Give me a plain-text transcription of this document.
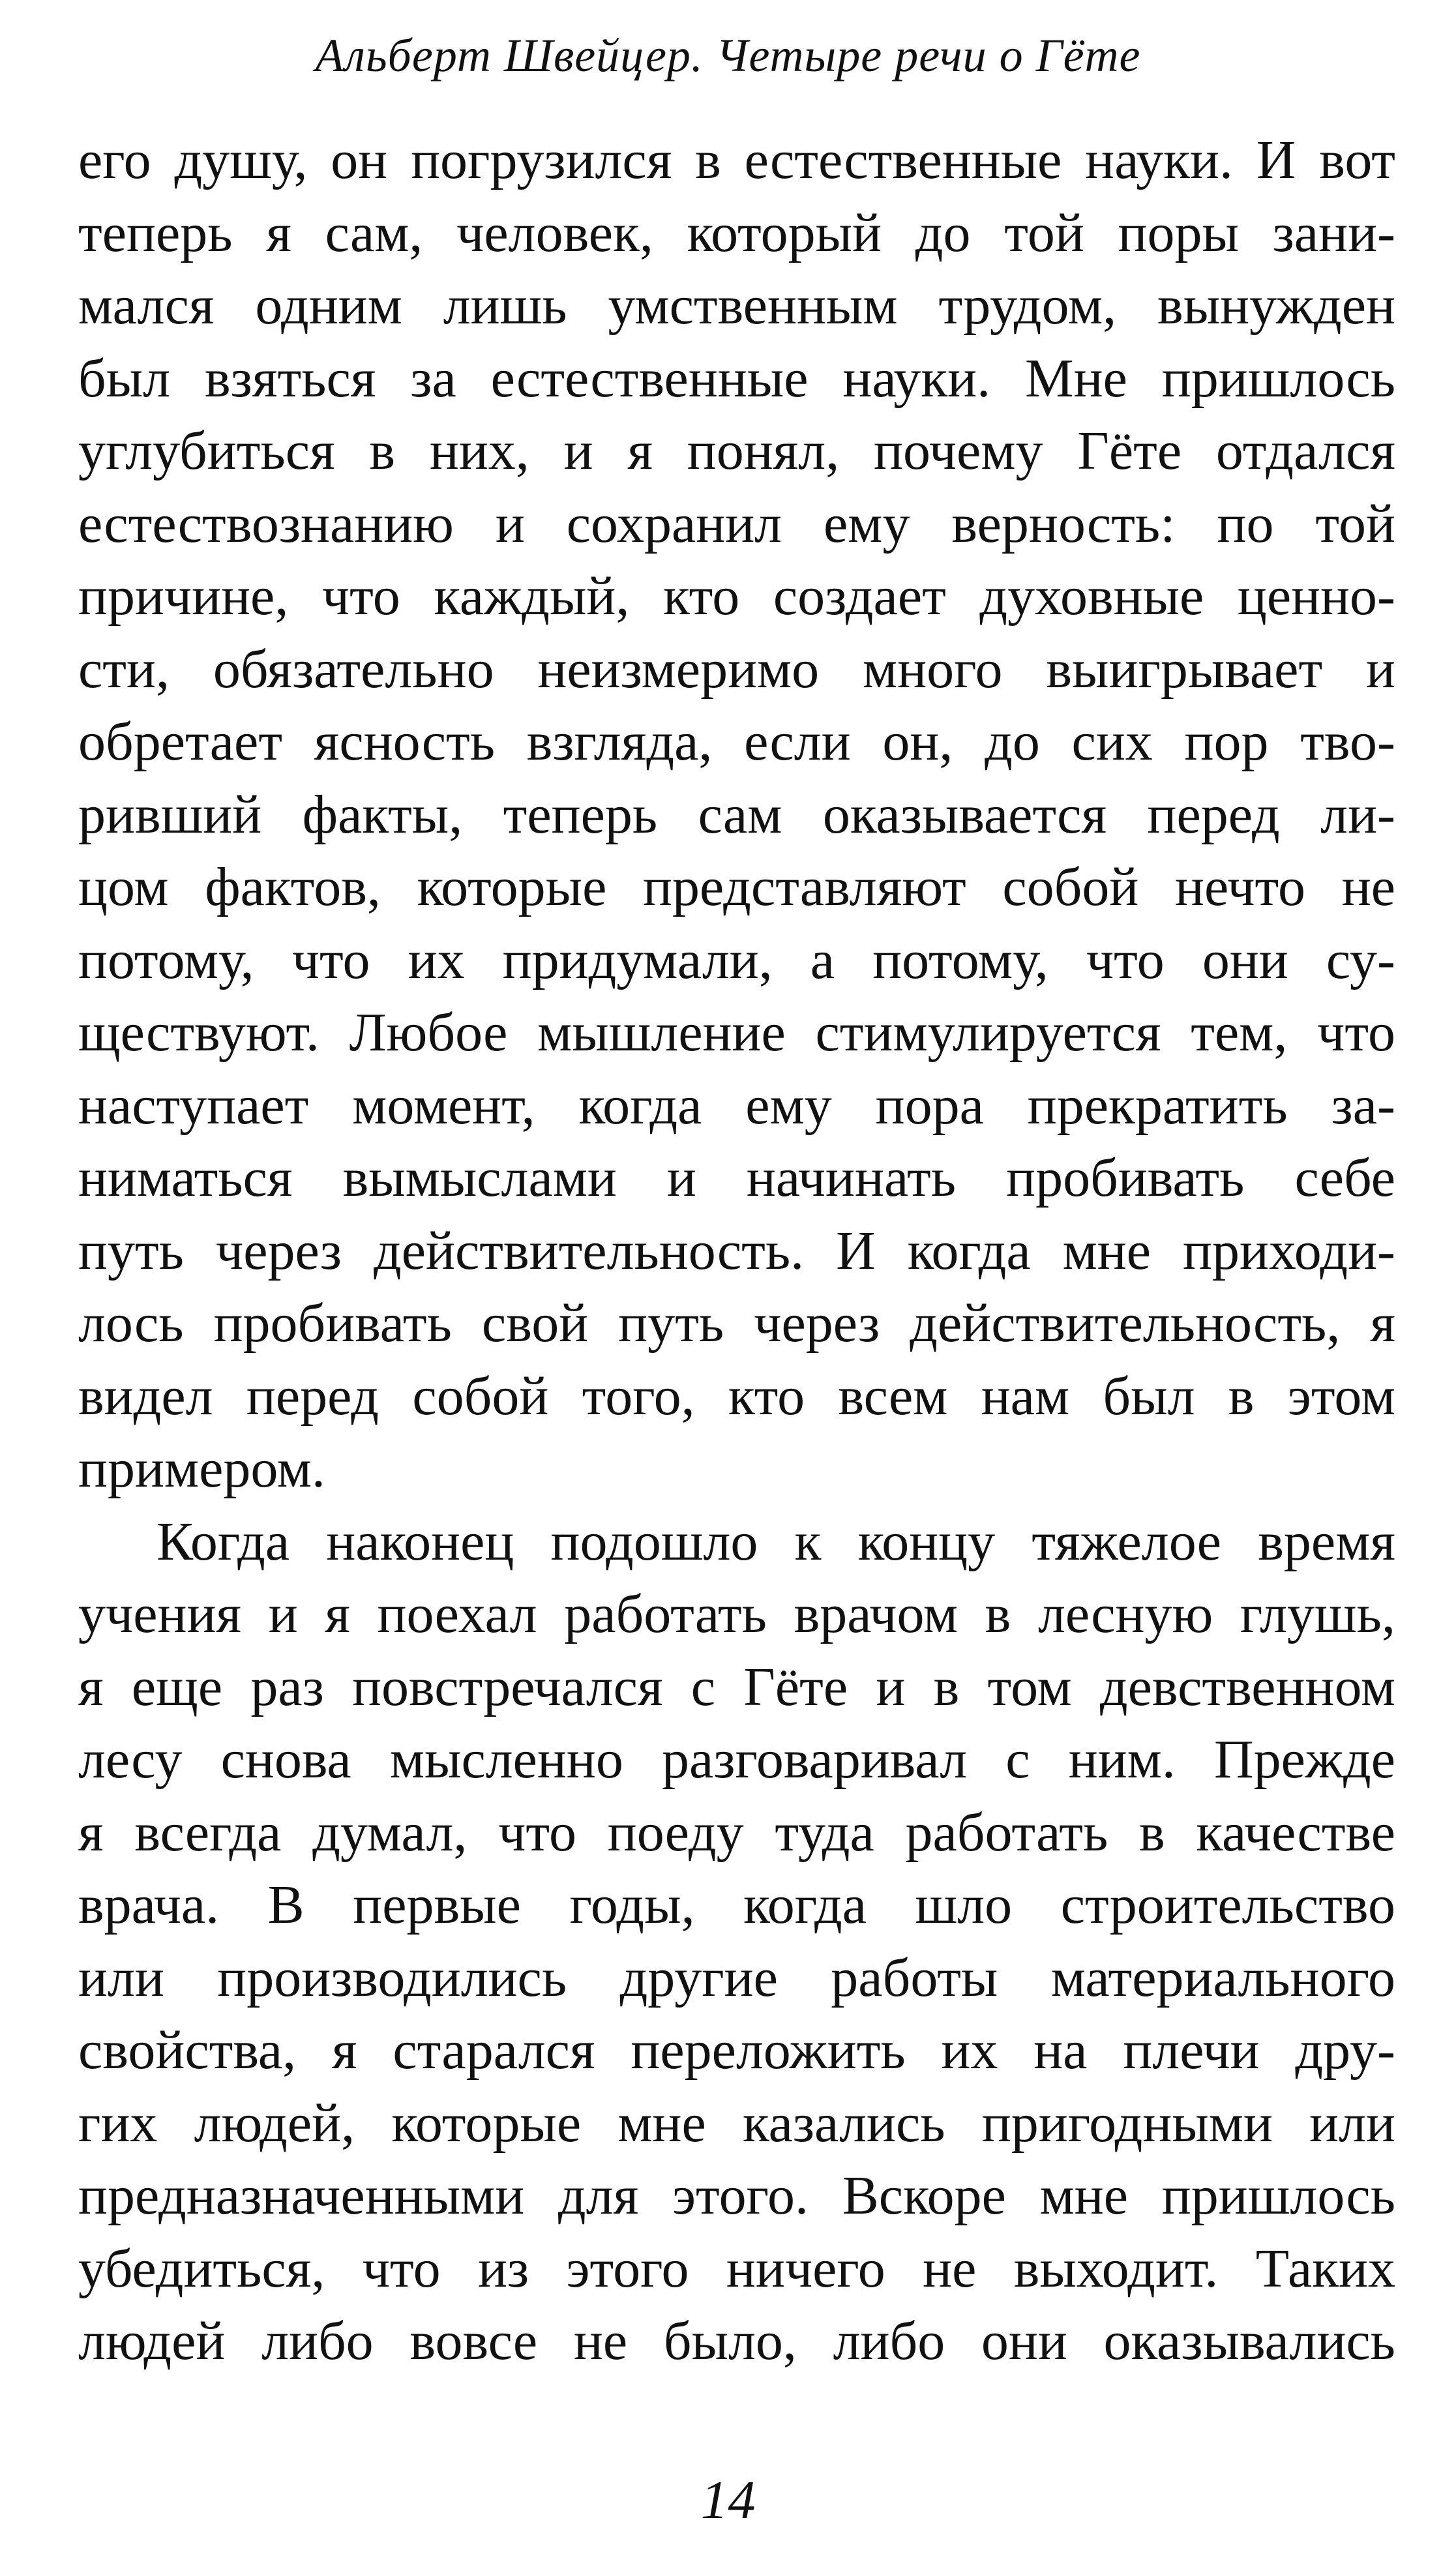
Альберт Швейцер. Четыре речи о Гёте
его душу, он погрузился в естественные науки. И вот
теперь я сам, человек, который до той поры зани-
мался одним лишь умственным трудом, вынужден
был взяться за естественные науки. Мне пришлось
углубиться в них, и я понял, почему Гёте отдался
естествознанию и сохранил ему верность: по той
причине, что каждый, кто создает духовные ценно-
сти, обязательно неизмеримо много выигрывает и
обретает ясность взгляда, если он, до сих пор тво-
ривший факты, теперь сам оказывается перед ли-
цом фактов, которые представляют собой нечто не
потому, что их придумали, а потому, что они су-
ществуют. Любое мышление стимулируется тем, что
наступает момент, когда ему пора прекратить за-
ниматься вымыслами и начинать пробивать себе
путь через действительность. И когда мне приходи-
лось пробивать свой путь через действительность, я
видел перед собой того, кто всем нам был в этом
примером.
Когда наконец подошло к концу тяжелое время
учения и я поехал работать врачом в лесную глушь,
я еще раз повстречался с Гёте и в том девственном
лесу снова мысленно разговаривал с ним. Прежде
я всегда думал, что поеду туда работать в качестве
врача. В первые годы, когда шло строительство
или производились другие работы материального
свойства, я старался переложить их на плечи дру-
гих людей, которые мне казались пригодными или
предназначенными для этого. Вскоре мне пришлось
убедиться, что из этого ничего не выходит. Таких
людей либо вовсе не было, либо они оказывались
14
